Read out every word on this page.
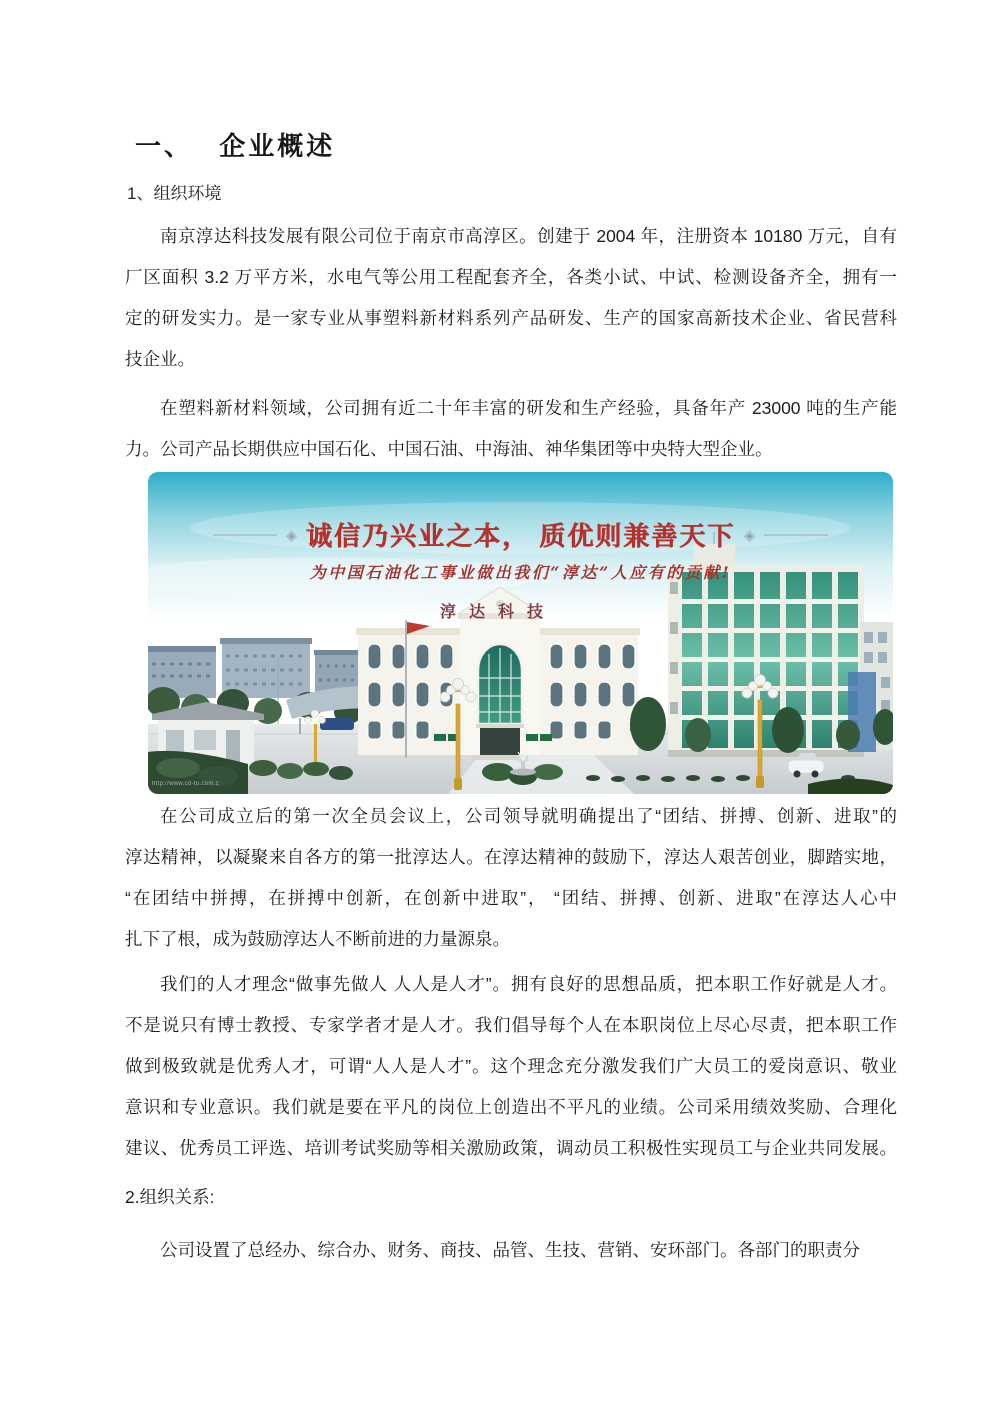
一、 企业概述
1、组织环境
南京淳达科技发展有限公司位于南京市高淳区。创建于 2004 年，注册资本 10180 万元，自有
厂区面积 3.2 万平方米，水电气等公用工程配套齐全，各类小试、中试、检测设备齐全，拥有一
定的研发实力。是一家专业从事塑料新材料系列产品研发、生产的国家高新技术企业、省民营科
技企业。
在塑料新材料领域，公司拥有近二十年丰富的研发和生产经验，具备年产 23000 吨的生产能
力。公司产品长期供应中国石化、中国石油、中海油、神华集团等中央特大型企业。
◈ 诚信乃兴业之本， 质优则兼善天下 ◈
为中国石油化工事业做出我们“淳达”人应有的贡献!
淳达科技
http://www.cd-tu.com.c
在公司成立后的第一次全员会议上，公司领导就明确提出了“团结、拼搏、创新、进取”的
淳达精神，以凝聚来自各方的第一批淳达人。在淳达精神的鼓励下，淳达人艰苦创业，脚踏实地，
“在团结中拼搏，在拼搏中创新，在创新中进取”， “团结、拼搏、创新、进取”在淳达人心中
扎下了根，成为鼓励淳达人不断前进的力量源泉。
我们的人才理念“做事先做人 人人是人才”。拥有良好的思想品质，把本职工作好就是人才。
不是说只有博士教授、专家学者才是人才。我们倡导每个人在本职岗位上尽心尽责，把本职工作
做到极致就是优秀人才，可谓“人人是人才”。这个理念充分激发我们广大员工的爱岗意识、敬业
意识和专业意识。我们就是要在平凡的岗位上创造出不平凡的业绩。公司采用绩效奖励、合理化
建议、优秀员工评选、培训考试奖励等相关激励政策，调动员工积极性实现员工与企业共同发展。
2.组织关系:
公司设置了总经办、综合办、财务、商技、品管、生技、营销、安环部门。各部门的职责分
